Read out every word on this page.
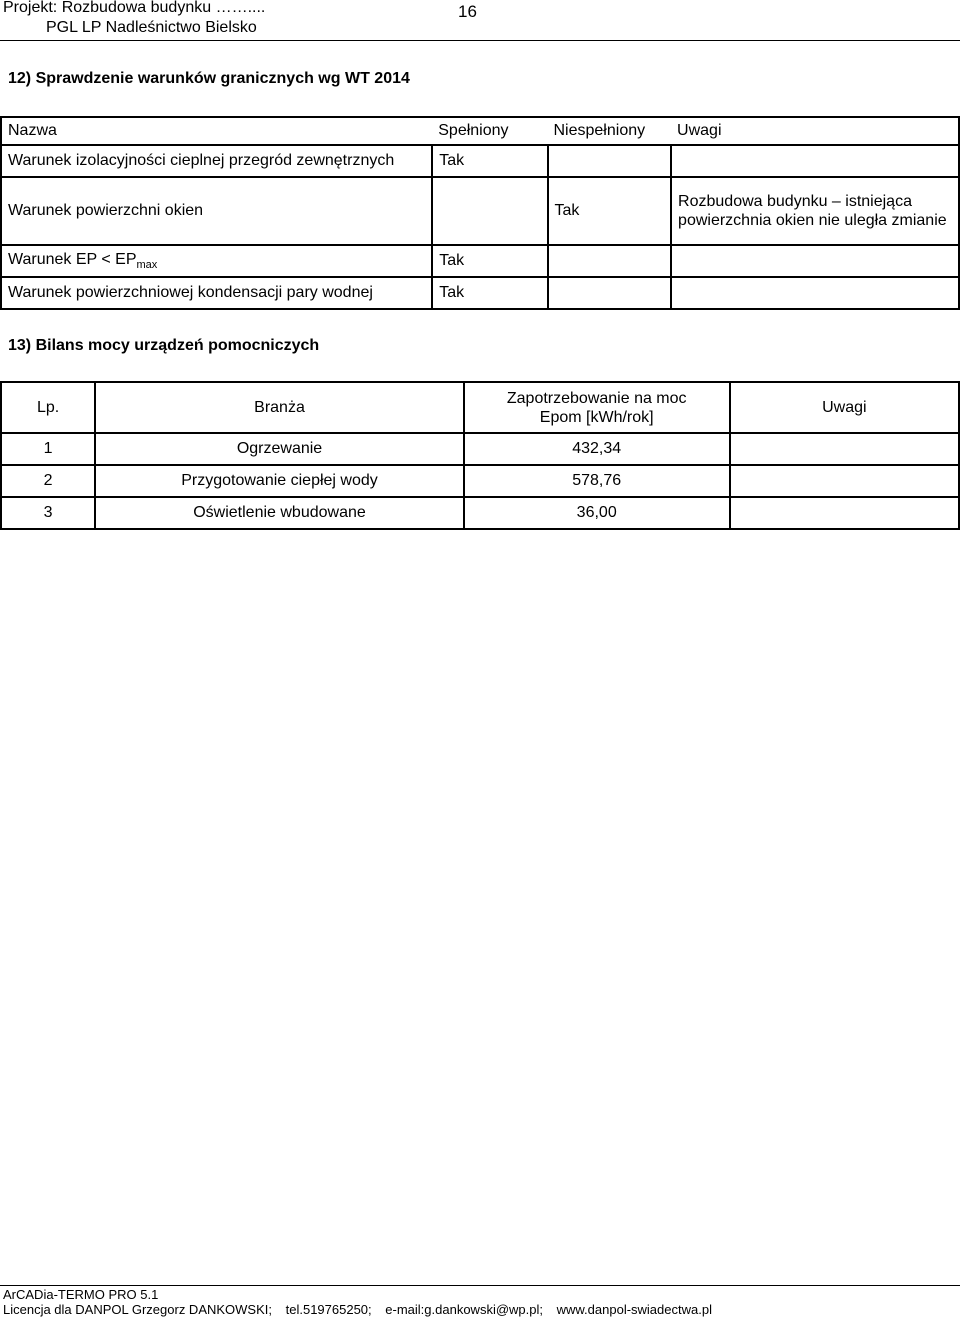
Projekt: Rozbudowa budynku ……....
PGL LP Nadleśnictwo Bielsko
16
12) Sprawdzenie warunków granicznych wg WT 2014
Nazwa	Spełniony	Niespełniony	Uwagi
Warunek izolacyjności cieplnej przegród zewnętrznych	Tak		
Warunek powierzchni okien		Tak	Rozbudowa budynku – istniejąca powierzchnia okien nie uległa zmianie
Warunek EP < $EP_{max}$	Tak		
Warunek powierzchniowej kondensacji pary wodnej	Tak		
13) Bilans mocy urządzeń pomocniczych
Lp.	Branża	Zapotrzebowanie na moc Epom [kWh/rok]	Uwagi
1	Ogrzewanie	432,34	
2	Przygotowanie ciepłej wody	578,76	
3	Oświetlenie wbudowane	36,00	
ArCADia-TERMO PRO 5.1
Licencja dla DANPOL Grzegorz DANKOWSKI; tel.519765250; e-mail:g.dankowski@wp.pl; www.danpol-swiadectwa.pl
